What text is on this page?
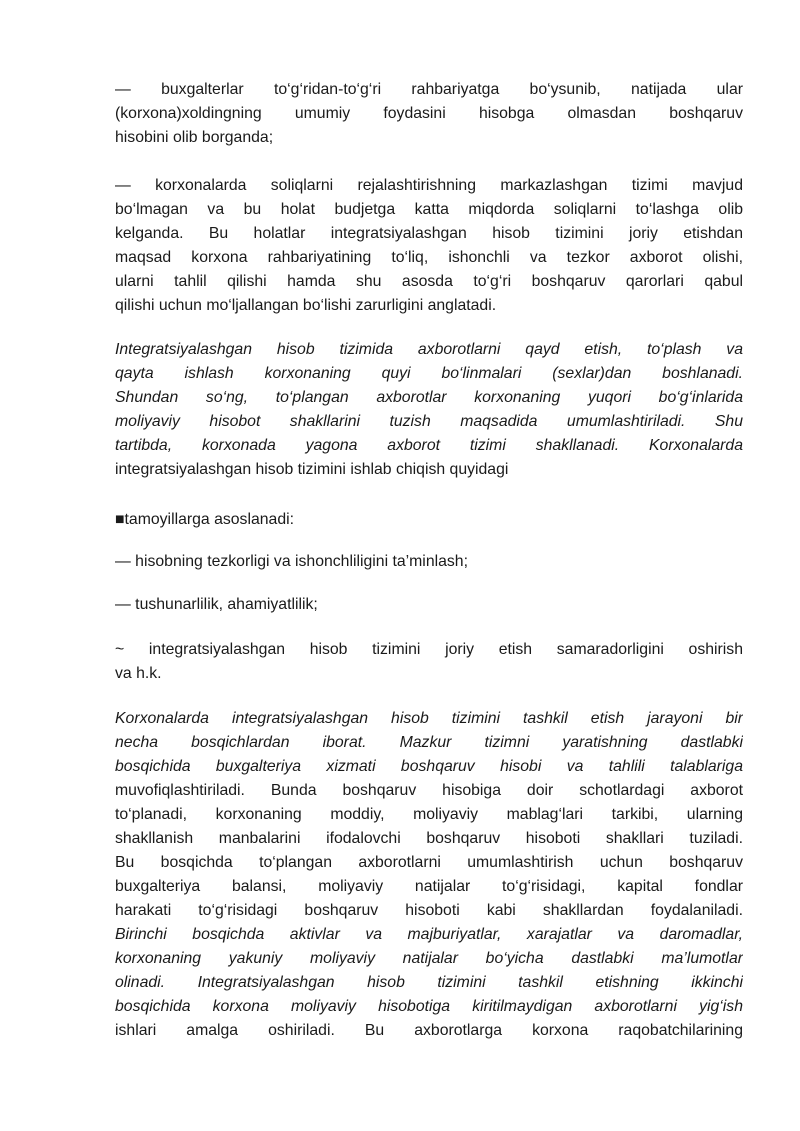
— buxgalterlar to‘g‘ridan-to‘g‘ri rahbariyatga bo‘ysunib, natijada ular
(korxona)xoldingning umumiy foydasini hisobga olmasdan boshqaruv
hisobini olib borganda;
— korxonalarda soliqlarni rejalashtirishning markazlashgan tizimi mavjud
bo‘lmagan va bu holat budjetga katta miqdorda soliqlarni to‘lashga olib
kelganda. Bu holatlar integratsiyalashgan hisob tizimini joriy etishdan
maqsad korxona rahbariyatining to‘liq, ishonchli va tezkor axborot olishi,
ularni tahlil qilishi hamda shu asosda to‘g‘ri boshqaruv qarorlari qabul
qilishi uchun mo‘ljallangan bo‘lishi zarurligini anglatadi.
Integratsiyalashgan hisob tizimida axborotlarni qayd etish, to‘plash va
qayta ishlash korxonaning quyi bo‘linmalari (sexlar)dan boshlanadi.
Shundan so‘ng, to‘plangan axborotlar korxonaning yuqori bo‘g‘inlarida
moliyaviy hisobot shakllarini tuzish maqsadida umumlashtiriladi. Shu
tartibda, korxonada yagona axborot tizimi shakllanadi. Korxonalarda
integratsiyalashgan hisob tizimini ishlab chiqish quyidagi
■tamoyillarga asoslanadi:
— hisobning tezkorligi va ishonchliligini ta’minlash;
— tushunarlilik, ahamiyatlilik;
~ integratsiyalashgan hisob tizimini joriy etish samaradorligini oshirish
va h.k.
Korxonalarda integratsiyalashgan hisob tizimini tashkil etish jarayoni bir
necha bosqichlardan iborat. Mazkur tizimni yaratishning dastlabki
bosqichida buxgalteriya xizmati boshqaruv hisobi va tahlili talablariga
muvofiqlashtiriladi. Bunda boshqaruv hisobiga doir schotlardagi axborot
to‘planadi, korxonaning moddiy, moliyaviy mablag‘lari tarkibi, ularning
shakllanish manbalarini ifodalovchi boshqaruv hisoboti shakllari tuziladi.
Bu bosqichda to‘plangan axborotlarni umumlashtirish uchun boshqaruv
buxgalteriya balansi, moliyaviy natijalar to‘g‘risidagi, kapital fondlar
harakati to‘g‘risidagi boshqaruv hisoboti kabi shakllardan foydalaniladi.
Birinchi bosqichda aktivlar va majburiyatlar, xarajatlar va daromadlar,
korxonaning yakuniy moliyaviy natijalar bo‘yicha dastlabki ma’lumotlar
olinadi. Integratsiyalashgan hisob tizimini tashkil etishning ikkinchi
bosqichida korxona moliyaviy hisobotiga kiritilmaydigan axborotlarni yig‘ish
ishlari amalga oshiriladi. Bu axborotlarga korxona raqobatchilarining
